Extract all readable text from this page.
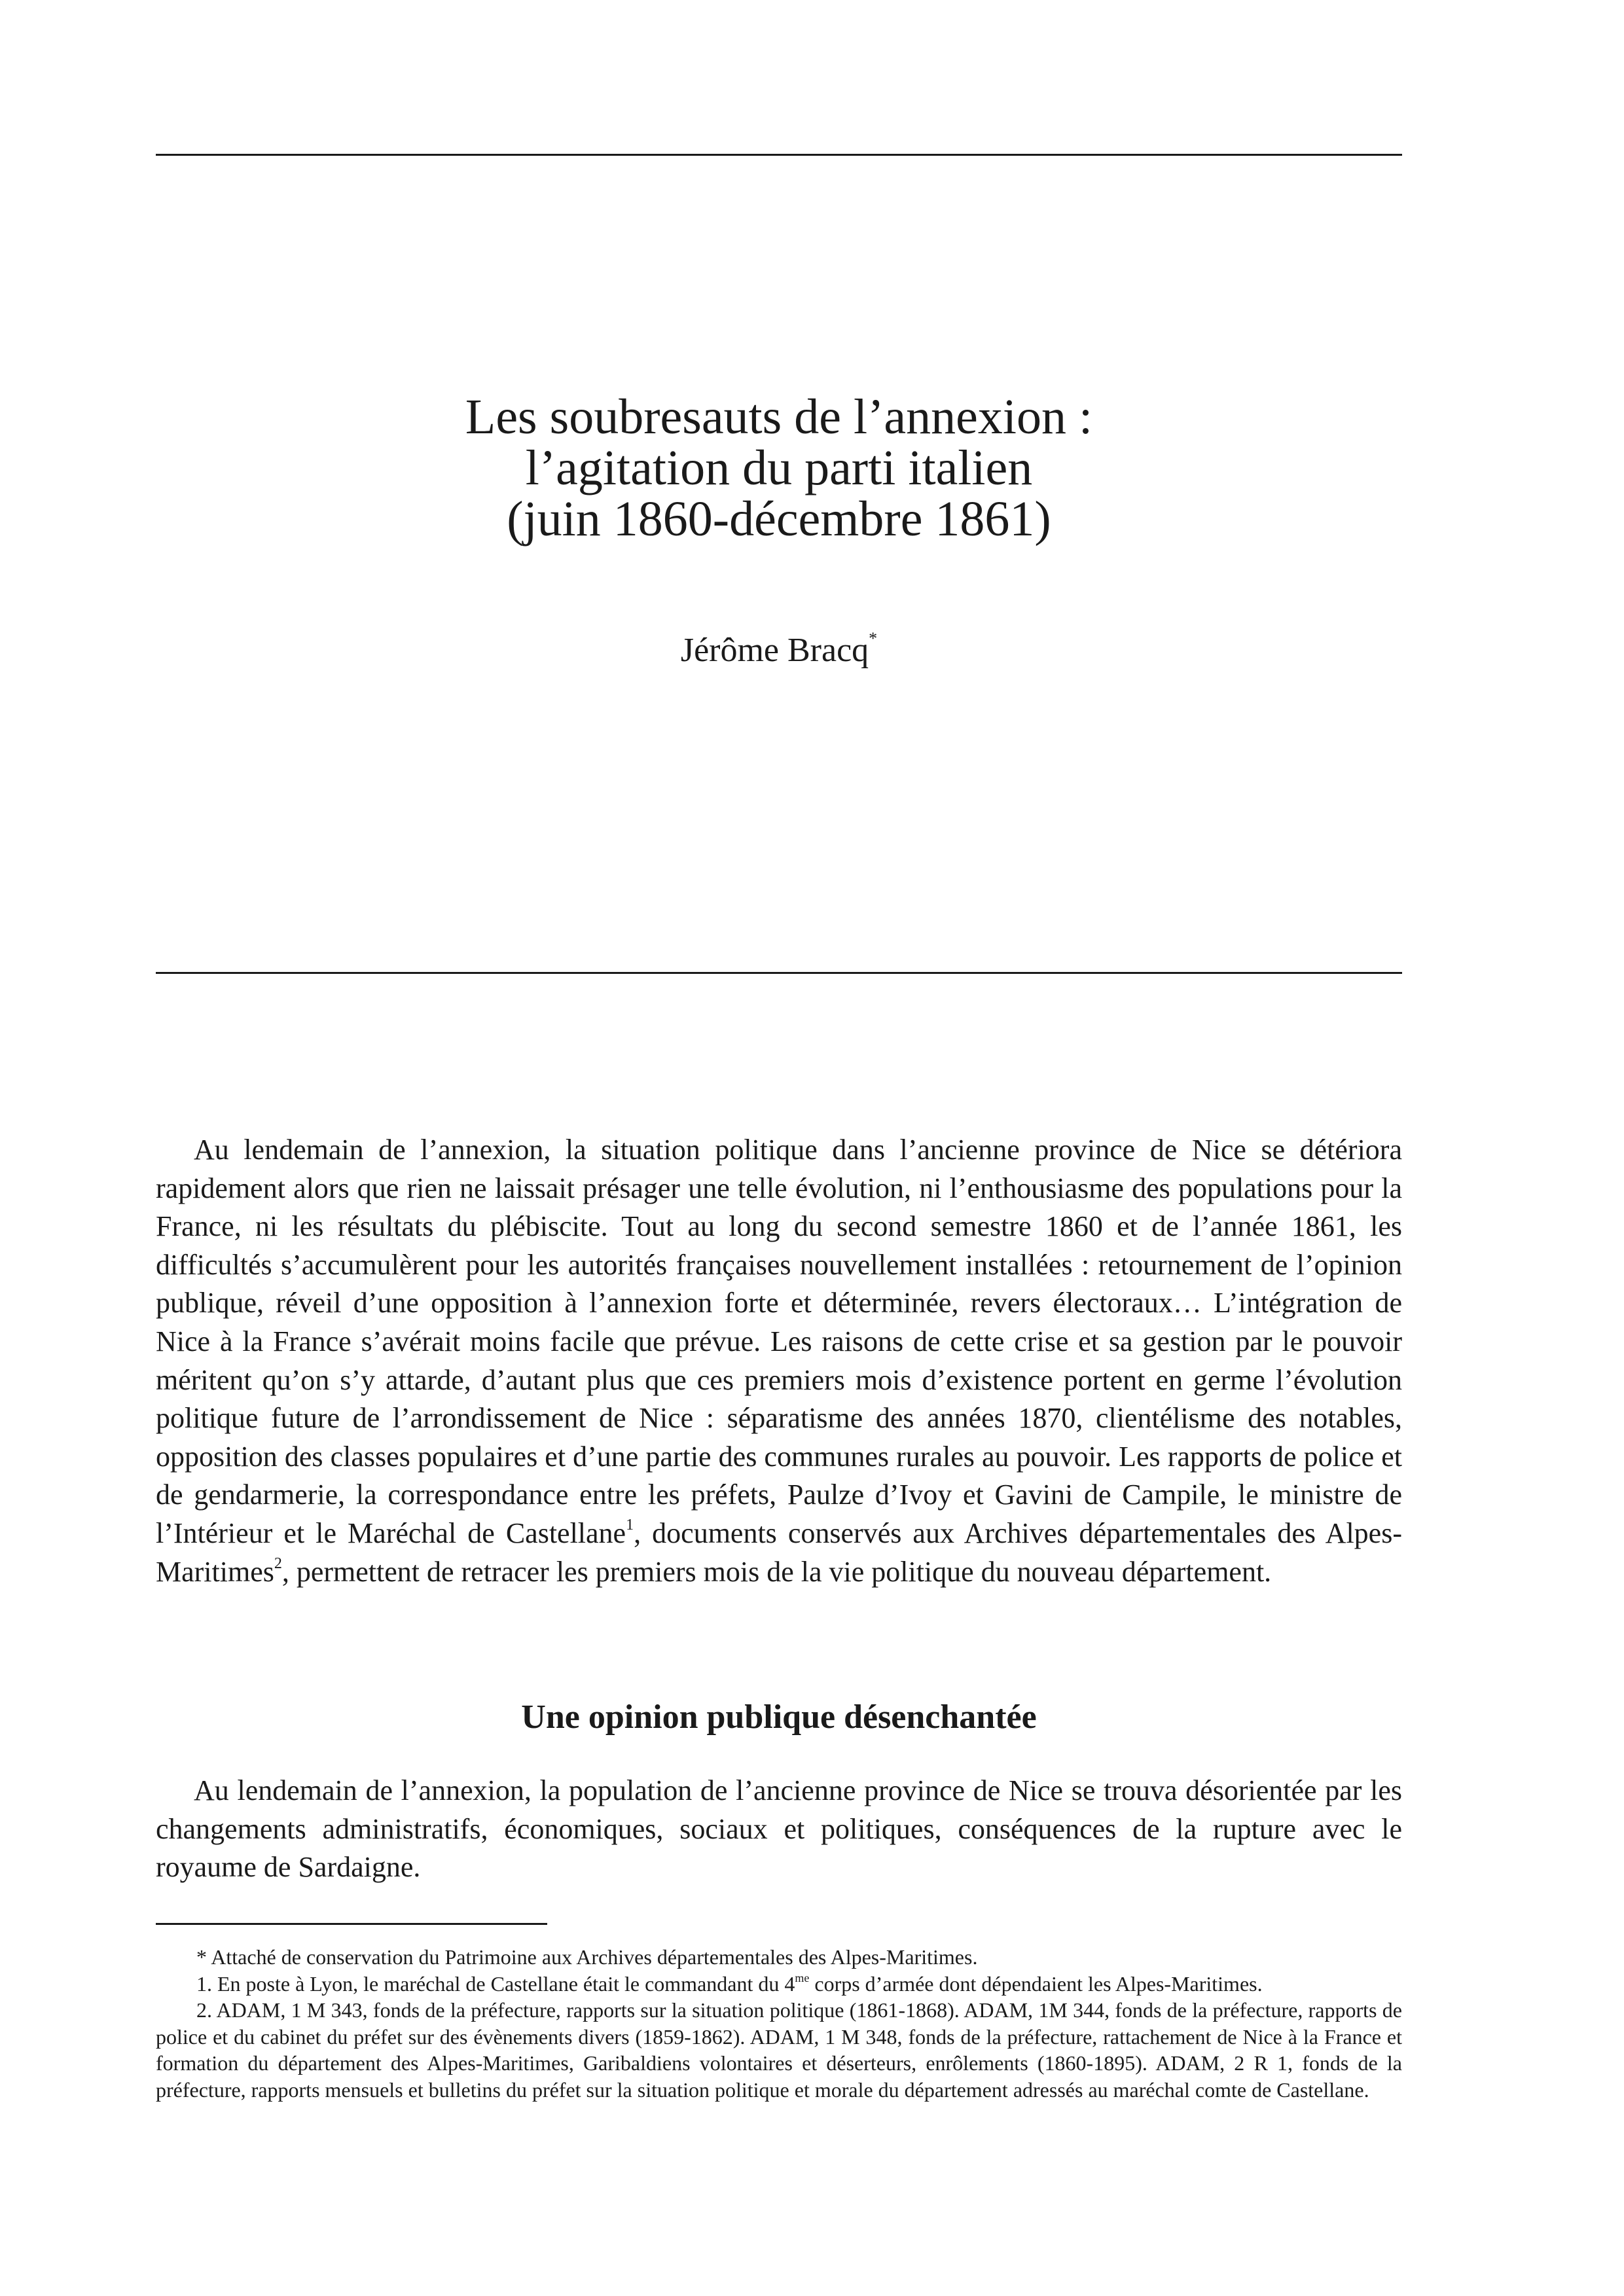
Les soubresauts de l’annexion :
l’agitation du parti italien
(juin 1860-décembre 1861)
Jérôme Bracq*

Au lendemain de l’annexion, la situation politique dans l’ancienne province de Nice se détériora rapidement alors que rien ne laissait présager une telle évolution, ni l’enthousiasme des populations pour la France, ni les résultats du plébiscite. Tout au long du second semestre 1860 et de l’année 1861, les difficultés s’accumulèrent pour les autorités françaises nouvellement installées : retournement de l’opinion publique, réveil d’une opposition à l’annexion forte et déterminée, revers électoraux… L’intégration de Nice à la France s’avérait moins facile que prévue. Les raisons de cette crise et sa gestion par le pouvoir méritent qu’on s’y attarde, d’autant plus que ces premiers mois d’existence portent en germe l’évolution politique future de l’arrondissement de Nice : séparatisme des années 1870, clientélisme des notables, opposition des classes populaires et d’une partie des communes rurales au pouvoir. Les rapports de police et de gendarmerie, la correspondance entre les préfets, Paulze d’Ivoy et Gavini de Campile, le ministre de l’Intérieur et le Maréchal de Castellane$^1$, documents conservés aux Archives départementales des Alpes-Maritimes$^2$, permettent de retracer les premiers mois de la vie politique du nouveau département.

Une opinion publique désenchantée

Au lendemain de l’annexion, la population de l’ancienne province de Nice se trouva désorientée par les changements administratifs, économiques, sociaux et politiques, conséquences de la rupture avec le royaume de Sardaigne.

* Attaché de conservation du Patrimoine aux Archives départementales des Alpes-Maritimes.

1. En poste à Lyon, le maréchal de Castellane était le commandant du $4^{me}$ corps d’armée dont dépendaient les Alpes-Maritimes.

2. ADAM, 1 M 343, fonds de la préfecture, rapports sur la situation politique (1861-1868). ADAM, 1M 344, fonds de la préfecture, rapports de police et du cabinet du préfet sur des évènements divers (1859-1862). ADAM, 1 M 348, fonds de la préfecture, rattachement de Nice à la France et formation du département des Alpes-Maritimes, Garibaldiens volontaires et déserteurs, enrôlements (1860-1895). ADAM, 2 R 1, fonds de la préfecture, rapports mensuels et bulletins du préfet sur la situation politique et morale du département adressés au maréchal comte de Castellane.
